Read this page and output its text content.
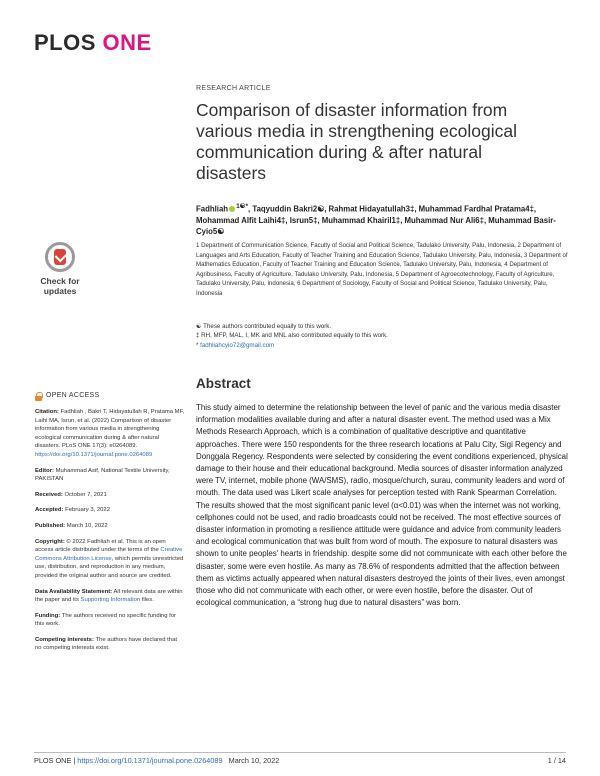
PLOS ONE
Check for
updates
OPEN ACCESS
Citation: Fadhliah , Bakri T, Hidayatullah R, Pratama MF, Laihi MA, Isrun, et al. (2022) Comparison of disaster information from various media in strengthening ecological communication during & after natural disasters. PLoS ONE 17(3): e0264089. https://doi.org/10.1371/journal.pone.0264089
Editor: Muhammad Asif, National Textile University, PAKISTAN
Received: October 7, 2021
Accepted: February 3, 2022
Published: March 10, 2022
Copyright: © 2022 Fadhliah et al. This is an open access article distributed under the terms of the Creative Commons Attribution License, which permits unrestricted use, distribution, and reproduction in any medium, provided the original author and source are credited.
Data Availability Statement: All relevant data are within the paper and its Supporting Information files.
Funding: The authors received no specific funding for this work.
Competing interests: The authors have declared that no competing interests exist.
RESEARCH ARTICLE
Comparison of disaster information from various media in strengthening ecological communication during & after natural disasters
Fadhliah $^{1☯*}$, Taqyuddin Bakri2☯, Rahmat Hidayatullah3‡, Muhammad Fardhal Pratama4‡, Mohammad Alfit Laihi4‡, Isrun5‡, Muhammad Khairil1‡, Muhammad Nur Ali6‡, Muhammad Basir-Cyio5☯
1 Department of Communication Science, Faculty of Social and Political Science, Tadulako University, Palu, Indonesia, 2 Department of Languages and Arts Education, Faculty of Teacher Training and Education Science, Tadulako University, Palu, Indonesia, 3 Department of Mathematics Education, Faculty of Teacher Training and Education Science, Tadulako University, Palu, Indonesia, 4 Department of Agribusiness, Faculty of Agriculture, Tadulako University, Palu, Indonesia, 5 Department of Agroecotechnology, Faculty of Agriculture, Tadulako University, Palu, Indonesia, 6 Department of Sociology, Faculty of Social and Political Science, Tadulako University, Palu, Indonesia
☯ These authors contributed equally to this work.
‡ RH, MFP, MAL, I, MK and MNL also contributed equally to this work.
* fadhliahcyio72@gmail.com
Abstract

This study aimed to determine the relationship between the level of panic and the various media disaster information modalities available during and after a natural disaster event. The method used was a Mix Methods Research Approach, which is a combination of qualitative descriptive and quantitative approaches. There were 150 respondents for the three research locations at Palu City, Sigi Regency and Donggala Regency. Respondents were selected by considering the event conditions experienced, physical damage to their house and their educational background. Media sources of disaster information analyzed were TV, internet, mobile phone (WA/SMS), radio, mosque/church, surau, community leaders and word of mouth. The data used was Likert scale analyses for perception tested with Rank Spearman Correlation. The results showed that the most significant panic level (α<0.01) was when the internet was not working, cellphones could not be used, and radio broadcasts could not be received. The most effective sources of disaster information in promoting a resilience attitude were guidance and advice from community leaders and ecological communication that was built from word of mouth. The exposure to natural disasters was shown to unite peoples' hearts in friendship. despite some did not communicate with each other before the disaster, some were even hostile. As many as 78.6% of respondents admitted that the affection between them as victims actually appeared when natural disasters destroyed the joints of their lives, even amongst those who did not communicate with each other, or were even hostile, before the disaster. Out of ecological communication, a “strong hug due to natural disasters” was born.

PLOS ONE | https://doi.org/10.1371/journal.pone.0264089 March 10, 2022	1 / 14
